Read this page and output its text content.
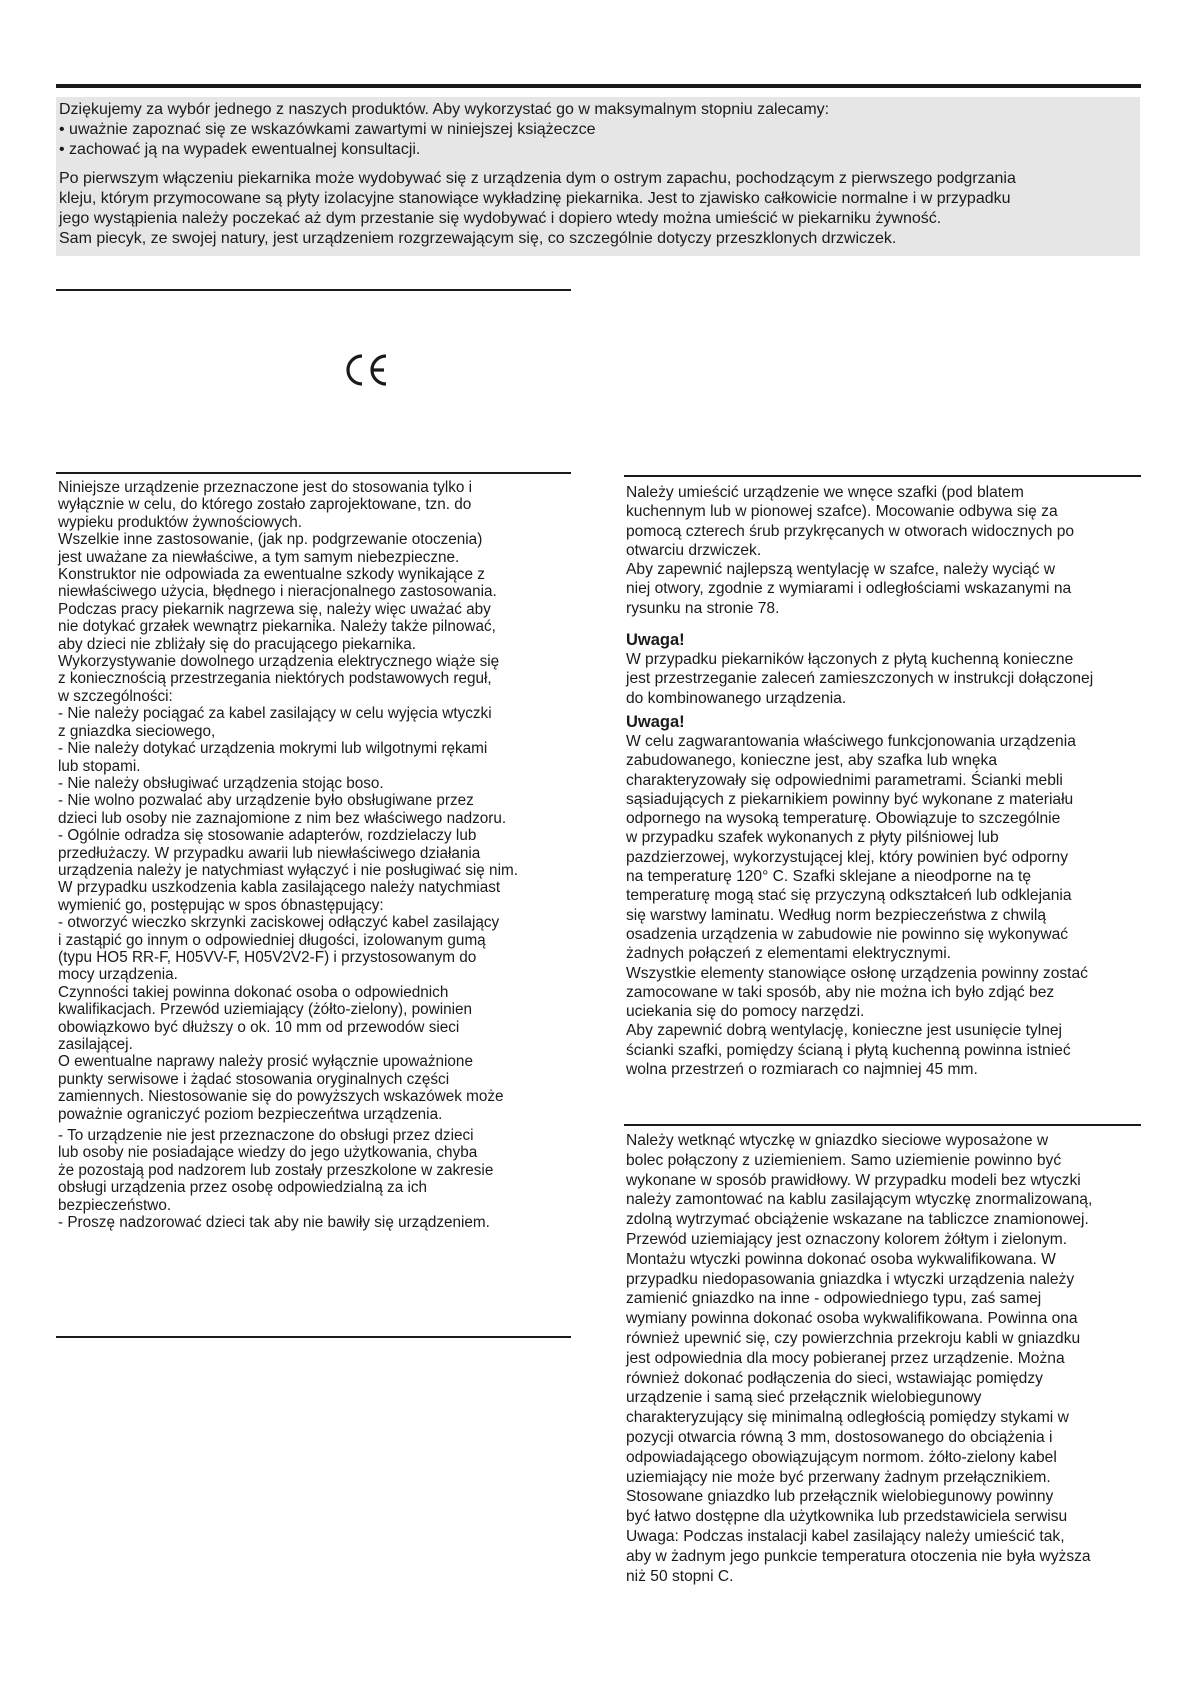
Dziękujemy za wybór jednego z naszych produktów. Aby wykorzystać go w maksymalnym stopniu zalecamy:
• uważnie zapoznać się ze wskazówkami zawartymi w niniejszej książeczce
• zachować ją na wypadek ewentualnej konsultacji.

Po pierwszym włączeniu piekarnika może wydobywać się z urządzenia dym o ostrym zapachu, pochodzącym z pierwszego podgrzania
kleju, którym przymocowane są płyty izolacyjne stanowiące wykładzinę piekarnika. Jest to zjawisko całkowicie normalne i w przypadku
jego wystąpienia należy poczekać aż dym przestanie się wydobywać i dopiero wtedy można umieścić w piekarniku żywność.
Sam piecyk, ze swojej natury, jest urządzeniem rozgrzewającym się, co szczególnie dotyczy przeszklonych drzwiczek.

Niniejsze urządzenie przeznaczone jest do stosowania tylko i
wyłącznie w celu, do którego zostało zaprojektowane, tzn. do
wypieku produktów żywnościowych.
Wszelkie inne zastosowanie, (jak np. podgrzewanie otoczenia)
jest uważane za niewłaściwe, a tym samym niebezpieczne.
Konstruktor nie odpowiada za ewentualne szkody wynikające z
niewłaściwego użycia, błędnego i nieracjonalnego zastosowania.
Podczas pracy piekarnik nagrzewa się, należy więc uważać aby
nie dotykać grzałek wewnątrz piekarnika. Należy także pilnować,
aby dzieci nie zbliżały się do pracującego piekarnika.
Wykorzystywanie dowolnego urządzenia elektrycznego wiąże się
z koniecznością przestrzegania niektórych podstawowych reguł,
w szczególności:
- Nie należy pociągać za kabel zasilający w celu wyjęcia wtyczki
z gniazdka sieciowego,
- Nie należy dotykać urządzenia mokrymi lub wilgotnymi rękami
lub stopami.
- Nie należy obsługiwać urządzenia stojąc boso.
- Nie wolno pozwalać aby urządzenie było obsługiwane przez
dzieci lub osoby nie zaznajomione z nim bez właściwego nadzoru.
- Ogólnie odradza się stosowanie adapterów, rozdzielaczy lub
przedłużaczy. W przypadku awarii lub niewłaściwego działania
urządzenia należy je natychmiast wyłączyć i nie posługiwać się nim.
W przypadku uszkodzenia kabla zasilającego należy natychmiast
wymienić go, postępując w spos óbnastępujący:
- otworzyć wieczko skrzynki zaciskowej odłączyć kabel zasilający
i zastąpić go innym o odpowiedniej długości, izolowanym gumą
(typu HO5 RR-F, H05VV-F, H05V2V2-F) i przystosowanym do
mocy urządzenia.
Czynności takiej powinna dokonać osoba o odpowiednich
kwalifikacjach. Przewód uziemiający (żółto-zielony), powinien
obowiązkowo być dłuższy o ok. 10 mm od przewodów sieci
zasilającej.
O ewentualne naprawy należy prosić wyłącznie upoważnione
punkty serwisowe i żądać stosowania oryginalnych części
zamiennych. Niestosowanie się do powyższych wskazówek może
poważnie ograniczyć poziom bezpieczeńtwa urządzenia.

- To urządzenie nie jest przeznaczone do obsługi przez dzieci
lub osoby nie posiadające wiedzy do jego użytkowania, chyba
że pozostają pod nadzorem lub zostały przeszkolone w zakresie
obsługi urządzenia przez osobę odpowiedzialną za ich
bezpieczeństwo.
- Proszę nadzorować dzieci tak aby nie bawiły się urządzeniem.

Należy umieścić urządzenie we wnęce szafki (pod blatem
kuchennym lub w pionowej szafce). Mocowanie odbywa się za
pomocą czterech śrub przykręcanych w otworach widocznych po
otwarciu drzwiczek.
Aby zapewnić najlepszą wentylację w szafce, należy wyciąć w
niej otwory, zgodnie z wymiarami i odległościami wskazanymi na
rysunku na stronie 78.

Uwaga!

W przypadku piekarników łączonych z płytą kuchenną konieczne
jest przestrzeganie zaleceń zamieszczonych w instrukcji dołączonej
do kombinowanego urządzenia.

Uwaga!

W celu zagwarantowania właściwego funkcjonowania urządzenia
zabudowanego, konieczne jest, aby szafka lub wnęka
charakteryzowały się odpowiednimi parametrami. Ścianki mebli
sąsiadujących z piekarnikiem powinny być wykonane z materiału
odpornego na wysoką temperaturę. Obowiązuje to szczególnie
w przypadku szafek wykonanych z płyty pilśniowej lub
pazdzierzowej, wykorzystującej klej, który powinien być odporny
na temperaturę 120° C. Szafki sklejane a nieodporne na tę
temperaturę mogą stać się przyczyną odkształceń lub odklejania
się warstwy laminatu. Według norm bezpieczeństwa z chwilą
osadzenia urządzenia w zabudowie nie powinno się wykonywać
żadnych połączeń z elementami elektrycznymi.
Wszystkie elementy stanowiące osłonę urządzenia powinny zostać
zamocowane w taki sposób, aby nie można ich było zdjąć bez
uciekania się do pomocy narzędzi.
Aby zapewnić dobrą wentylację, konieczne jest usunięcie tylnej
ścianki szafki, pomiędzy ścianą i płytą kuchenną powinna istnieć
wolna przestrzeń o rozmiarach co najmniej 45 mm.

Należy wetknąć wtyczkę w gniazdko sieciowe wyposażone w
bolec połączony z uziemieniem. Samo uziemienie powinno być
wykonane w sposób prawidłowy. W przypadku modeli bez wtyczki
należy zamontować na kablu zasilającym wtyczkę znormalizowaną,
zdolną wytrzymać obciążenie wskazane na tabliczce znamionowej.
Przewód uziemiający jest oznaczony kolorem żółtym i zielonym.
Montażu wtyczki powinna dokonać osoba wykwalifikowana. W
przypadku niedopasowania gniazdka i wtyczki urządzenia należy
zamienić gniazdko na inne - odpowiedniego typu, zaś samej
wymiany powinna dokonać osoba wykwalifikowana. Powinna ona
również upewnić się, czy powierzchnia przekroju kabli w gniazdku
jest odpowiednia dla mocy pobieranej przez urządzenie. Można
również dokonać podłączenia do sieci, wstawiając pomiędzy
urządzenie i samą sieć przełącznik wielobiegunowy
charakteryzujący się minimalną odległością pomiędzy stykami w
pozycji otwarcia równą 3 mm, dostosowanego do obciążenia i
odpowiadającego obowiązującym normom. żółto-zielony kabel
uziemiający nie może być przerwany żadnym przełącznikiem.
Stosowane gniazdko lub przełącznik wielobiegunowy powinny
być łatwo dostępne dla użytkownika lub przedstawiciela serwisu
Uwaga: Podczas instalacji kabel zasilający należy umieścić tak,
aby w żadnym jego punkcie temperatura otoczenia nie była wyższa
niż 50 stopni C.
